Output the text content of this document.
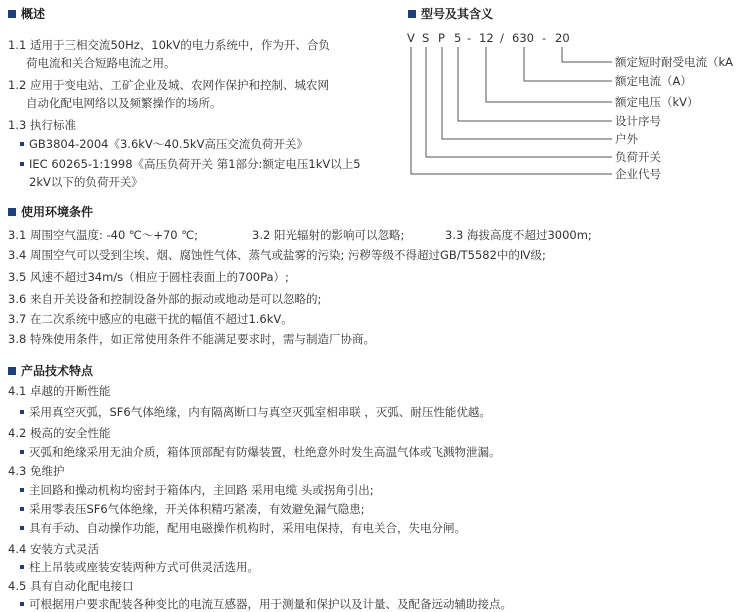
概述
1.1 适用于三相交流50Hz、10kV的电力系统中，作为开、合负
荷电流和关合短路电流之用。
1.2 应用于变电站、工矿企业及城、农网作保护和控制、城农网
自动化配电网络以及频繁操作的场所。
1.3 执行标准
GB3804-2004《3.6kV～40.5kV高压交流负荷开关》
IEC 60265-1:1998《高压负荷开关 第1部分:额定电压1kV以上5
2kV以下的负荷开关》
型号及其含义
V S P 5 - 12 / 630 - 20
额定短时耐受电流（kA
额定电流（A）
额定电压（kV）
设计序号
户外
负荷开关
企业代号
使用环境条件
3.1 周围空气温度: -40 ℃～+70 ℃;	3.2 阳光辐射的影响可以忽略;	3.3 海拔高度不超过3000m;
3.4 周围空气可以受到尘埃、烟、腐蚀性气体、蒸气或盐雾的污染; 污秽等级不得超过GB/T5582中的Ⅳ级;
3.5 风速不超过34m/s（相应于圆柱表面上的700Pa）;
3.6 来自开关设备和控制设备外部的振动或地动是可以忽略的;
3.7 在二次系统中感应的电磁干扰的幅值不超过1.6kV。
3.8 特殊使用条件，如正常使用条件不能满足要求时，需与制造厂协商。
产品技术特点
4.1 卓越的开断性能
采用真空灭弧，SF6气体绝缘，内有隔离断口与真空灭弧室相串联 ，灭弧、耐压性能优越。
4.2 极高的安全性能
灭弧和绝缘采用无油介质，箱体顶部配有防爆装置，杜绝意外时发生高温气体或飞溅物泄漏。
4.3 免维护
主回路和操动机构均密封于箱体内，主回路 采用电缆 头或拐角引出;
采用零表压SF6气体绝缘，开关体积精巧紧凑，有效避免漏气隐患;
具有手动、自动操作功能，配用电磁操作机构时，采用电保持，有电关合，失电分闸。
4.4 安装方式灵活
柱上吊装或座装安装两种方式可供灵活选用。
4.5 具有自动化配电接口
可根据用户要求配装各种变比的电流互感器，用于测量和保护以及计量、及配备远动辅助接点。
